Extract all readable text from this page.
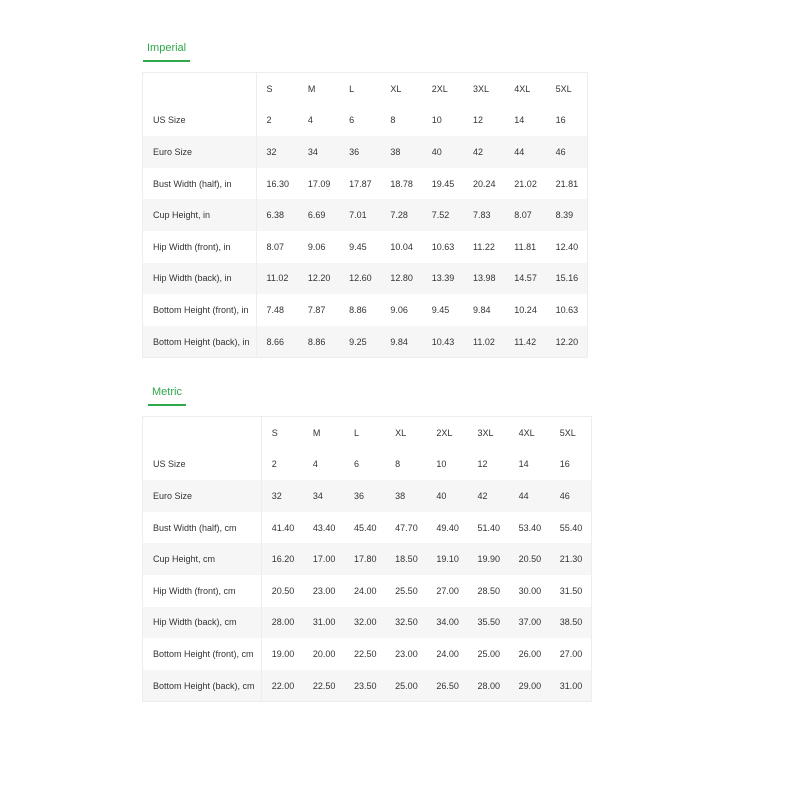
Imperial
	S	M	L	XL	2XL	3XL	4XL	5XL
US Size	2	4	6	8	10	12	14	16
Euro Size	32	34	36	38	40	42	44	46
Bust Width (half), in	16.30	17.09	17.87	18.78	19.45	20.24	21.02	21.81
Cup Height, in	6.38	6.69	7.01	7.28	7.52	7.83	8.07	8.39
Hip Width (front), in	8.07	9.06	9.45	10.04	10.63	11.22	11.81	12.40
Hip Width (back), in	11.02	12.20	12.60	12.80	13.39	13.98	14.57	15.16
Bottom Height (front), in	7.48	7.87	8.86	9.06	9.45	9.84	10.24	10.63
Bottom Height (back), in	8.66	8.86	9.25	9.84	10.43	11.02	11.42	12.20
Metric
	S	M	L	XL	2XL	3XL	4XL	5XL
US Size	2	4	6	8	10	12	14	16
Euro Size	32	34	36	38	40	42	44	46
Bust Width (half), cm	41.40	43.40	45.40	47.70	49.40	51.40	53.40	55.40
Cup Height, cm	16.20	17.00	17.80	18.50	19.10	19.90	20.50	21.30
Hip Width (front), cm	20.50	23.00	24.00	25.50	27.00	28.50	30.00	31.50
Hip Width (back), cm	28.00	31.00	32.00	32.50	34.00	35.50	37.00	38.50
Bottom Height (front), cm	19.00	20.00	22.50	23.00	24.00	25.00	26.00	27.00
Bottom Height (back), cm	22.00	22.50	23.50	25.00	26.50	28.00	29.00	31.00
